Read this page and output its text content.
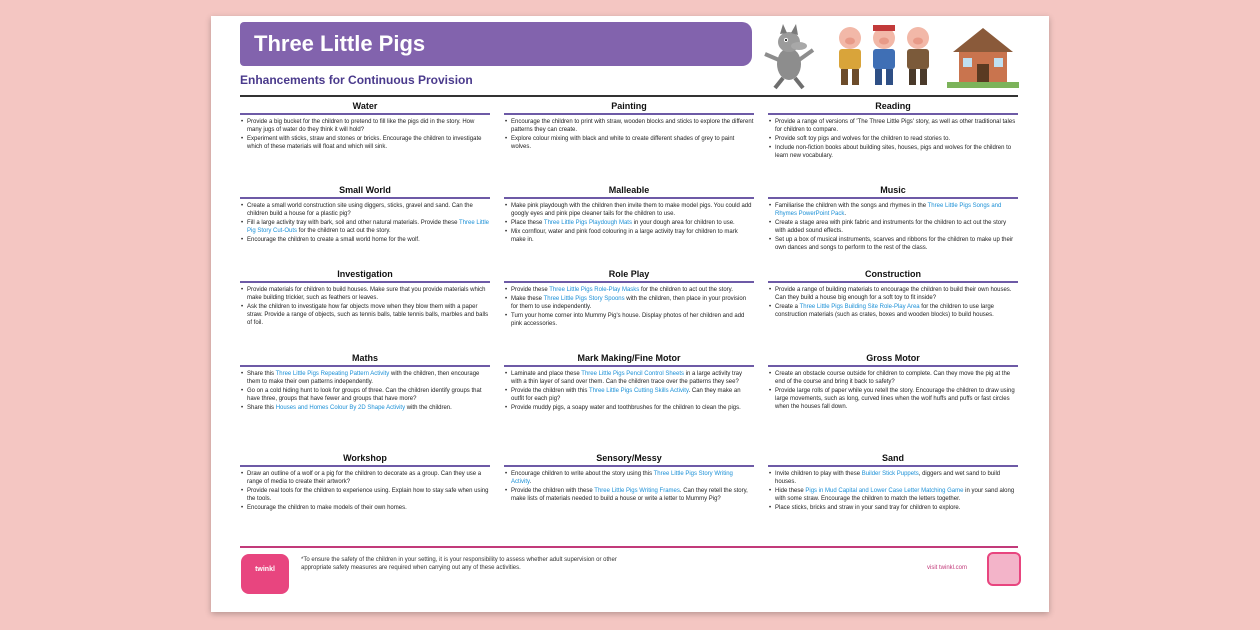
Three Little Pigs
Enhancements for Continuous Provision
Water
• Provide a big bucket for the children to pretend to fill like the pigs did in the story. How many jugs of water do they think it will hold?
• Experiment with sticks, straw and stones or bricks. Encourage the children to investigate which of these materials will float and which will sink.
Painting
• Encourage the children to print with straw, wooden blocks and sticks to explore the different patterns they can create.
• Explore colour mixing with black and white to create different shades of grey to paint wolves.
Reading
• Provide a range of versions of 'The Three Little Pigs' story, as well as other traditional tales for children to compare.
• Provide soft toy pigs and wolves for the children to read stories to.
• Include non-fiction books about building sites, houses, pigs and wolves for the children to learn new vocabulary.
Small World
• Create a small world construction site using diggers, sticks, gravel and sand. Can the children build a house for a plastic pig?
• Fill a large activity tray with bark, soil and other natural materials. Provide these Three Little Pig Story Cut-Outs for the children to act out the story.
• Encourage the children to create a small world home for the wolf.
Malleable
• Make pink playdough with the children then invite them to make model pigs. You could add googly eyes and pink pipe cleaner tails for the children to use.
• Place these Three Little Pigs Playdough Mats in your dough area for children to use.
• Mix cornflour, water and pink food colouring in a large activity tray for children to mark make in.
Music
• Familiarise the children with the songs and rhymes in the Three Little Pigs Songs and Rhymes PowerPoint Pack.
• Create a stage area with pink fabric and instruments for the children to act out the story with added sound effects.
• Set up a box of musical instruments, scarves and ribbons for the children to make up their own dances and songs to perform to the rest of the class.
Investigation
• Provide materials for children to build houses. Make sure that you provide materials which make building trickier, such as feathers or leaves.
• Ask the children to investigate how far objects move when they blow them with a paper straw. Provide a range of objects, such as tennis balls, table tennis balls, marbles and balls of foil.
Role Play
• Provide these Three Little Pigs Role-Play Masks for the children to act out the story.
• Make these Three Little Pigs Story Spoons with the children, then place in your provision for them to use independently.
• Turn your home corner into Mummy Pig's house. Display photos of her children and add pink accessories.
Construction
• Provide a range of building materials to encourage the children to build their own houses. Can they build a house big enough for a soft toy to fit inside?
• Create a Three Little Pigs Building Site Role-Play Area for the children to use large construction materials (such as crates, boxes and wooden blocks) to build houses.
Maths
• Share this Three Little Pigs Repeating Pattern Activity with the children, then encourage them to make their own patterns independently.
• Go on a cold hiding hunt to look for groups of three. Can the children identify groups that have three, groups that have fewer and groups that have more?
• Share this Houses and Homes Colour By 2D Shape Activity with the children.
Mark Making/Fine Motor
• Laminate and place these Three Little Pigs Pencil Control Sheets in a large activity tray with a thin layer of sand over them. Can the children trace over the patterns they see?
• Provide the children with this Three Little Pigs Cutting Skills Activity. Can they make an outfit for each pig?
• Provide muddy pigs, a soapy water and toothbrushes for the children to clean the pigs.
Gross Motor
• Create an obstacle course outside for children to complete. Can they move the pig at the end of the course and bring it back to safety?
• Provide large rolls of paper while you retell the story. Encourage the children to draw using large movements, such as long, curved lines when the wolf huffs and puffs or fast circles when the houses fall down.
Workshop
• Draw an outline of a wolf or a pig for the children to decorate as a group. Can they use a range of media to create their artwork?
• Provide real tools for the children to experience using. Explain how to stay safe when using the tools.
• Encourage the children to make models of their own homes.
Sensory/Messy
• Encourage children to write about the story using this Three Little Pigs Story Writing Activity.
• Provide the children with these Three Little Pigs Writing Frames. Can they retell the story, make lists of materials needed to build a house or write a letter to Mummy Pig?
Sand
• Invite children to play with these Builder Stick Puppets, diggers and wet sand to build houses.
• Hide these Pigs in Mud Capital and Lower Case Letter Matching Game in your sand along with some straw. Encourage the children to match the letters together.
• Place sticks, bricks and straw in your sand tray for children to explore.
twinkl
*To ensure the safety of the children in your setting, it is your responsibility to assess whether adult supervision or other appropriate safety measures are required when carrying out any of these activities.	visit twinkl.com
